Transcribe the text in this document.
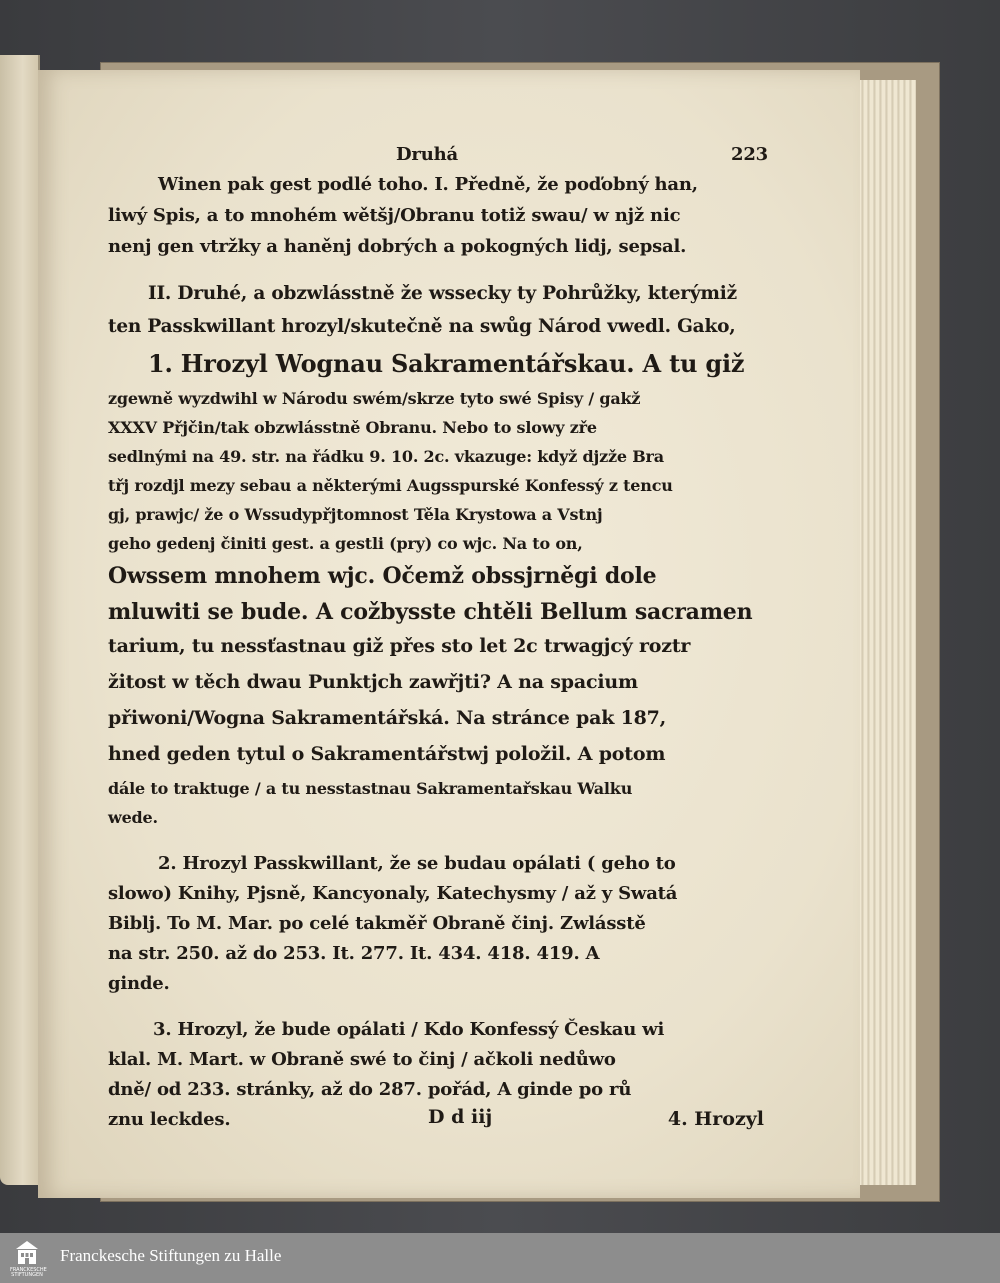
Druhá	223
Winen pak gest podlé toho. I. Předně, že poďobný han,
liwý Spis, a to mnohém wětšj/Obranu totiž swau/ w njž nic
nenj gen vtržky a haněnj dobrých a pokogných lidj, sepsal.
II. Druhé, a obzwlásstně že wssecky ty Pohrůžky, kterýmiž
ten Passkwillant hrozyl/skutečně na swůg Národ vwedl. Gako,
1. Hrozyl Wognau Sakramentářskau. A tu giž
zgewně wyzdwihl w Národu swém/skrze tyto swé Spisy / gakž
XXXV Přjčin/tak obzwlásstně Obranu. Nebo to slowy zře
sedlnými na 49. str. na řádku 9. 10. 2c. vkazuge: když djzže Bra
třj rozdjl mezy sebau a některými Augsspurské Konfessý z tencu
gj, prawjc/ že o Wssudypřjtomnost Těla Krystowa a Vstnj
geho gedenj činiti gest. a gestli (pry) co wjc. Na to on,
Owssem mnohem wjc. Očemž obssjrněgi dole
mluwiti se bude. A cožbysste chtěli Bellum sacramen
tarium, tu nessťastnau giž přes sto let 2c trwagjcý roztr
žitost w těch dwau Punktjch zawřjti? A na spacium
přiwoni/Wogna Sakramentářská. Na stránce pak 187,
hned geden tytul o Sakramentářstwj položil. A potom
dále to traktuge / a tu nesstastnau Sakramentařskau Walku
wede.
2. Hrozyl Passkwillant, že se budau opálati ( geho to
slowo) Knihy, Pjsně, Kancyonaly, Katechysmy / až y Swatá
Biblj. To M. Mar. po celé takměř Obraně činj. Zwlásstě
na str. 250. až do 253. It. 277. It. 434. 418. 419. A
ginde.
3. Hrozyl, že bude opálati / Kdo Konfessý Českau wi
klal. M. Mart. w Obraně swé to činj / ačkoli nedůwo
dně/ od 233. stránky, až do 287. pořád, A ginde po rů
znu leckdes.	D d iij	4. Hrozyl
FRANCKESCHE STIFTUNGEN
Franckesche Stiftungen zu Halle
